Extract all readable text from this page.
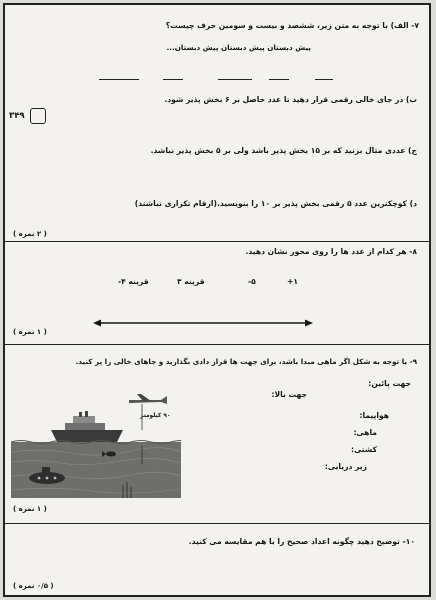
۷- الف) با توجه به متن زیر، ششصد و بیست و سومین حرف چیست؟
پیش دبستان پیش دبستان پیش دبستان...
ب) در جای خالی رقمی قرار دهید تا عدد حاصل بر ۶ بخش پذیر شود.
۳۴۹
ج) عددی مثال بزنید که بر ۱۵ بخش پذیر باشد ولی بر ۵ بخش پذیر نباشد.
د) کوچکترین عدد ۵ رقمی بخش پذیر بر ۱۰ را بنویسید.(ارقام تکراری نباشند)
( ۲ نمره )
۸- هر کدام از عدد ها را روی محور نشان دهید.
+۱
-۵
قرینه ۳
قرینه ۴-
( ۱ نمره )
۹- با توجه به شکل اگر ماهی مبدا باشد، برای جهت ها قرار دادی بگذارید و جاهای خالی را پر کنید.
جهت پائین:
جهت بالا:
هواپیما:
ماهی:
کشتی:
زیر دریایی:
۹۰ کیلومتر
( ۱ نمره )
۱۰- توضیح دهید چگونه اعداد صحیح را با هم مقایسه می کنید.
( ۰/۵ نمره )
